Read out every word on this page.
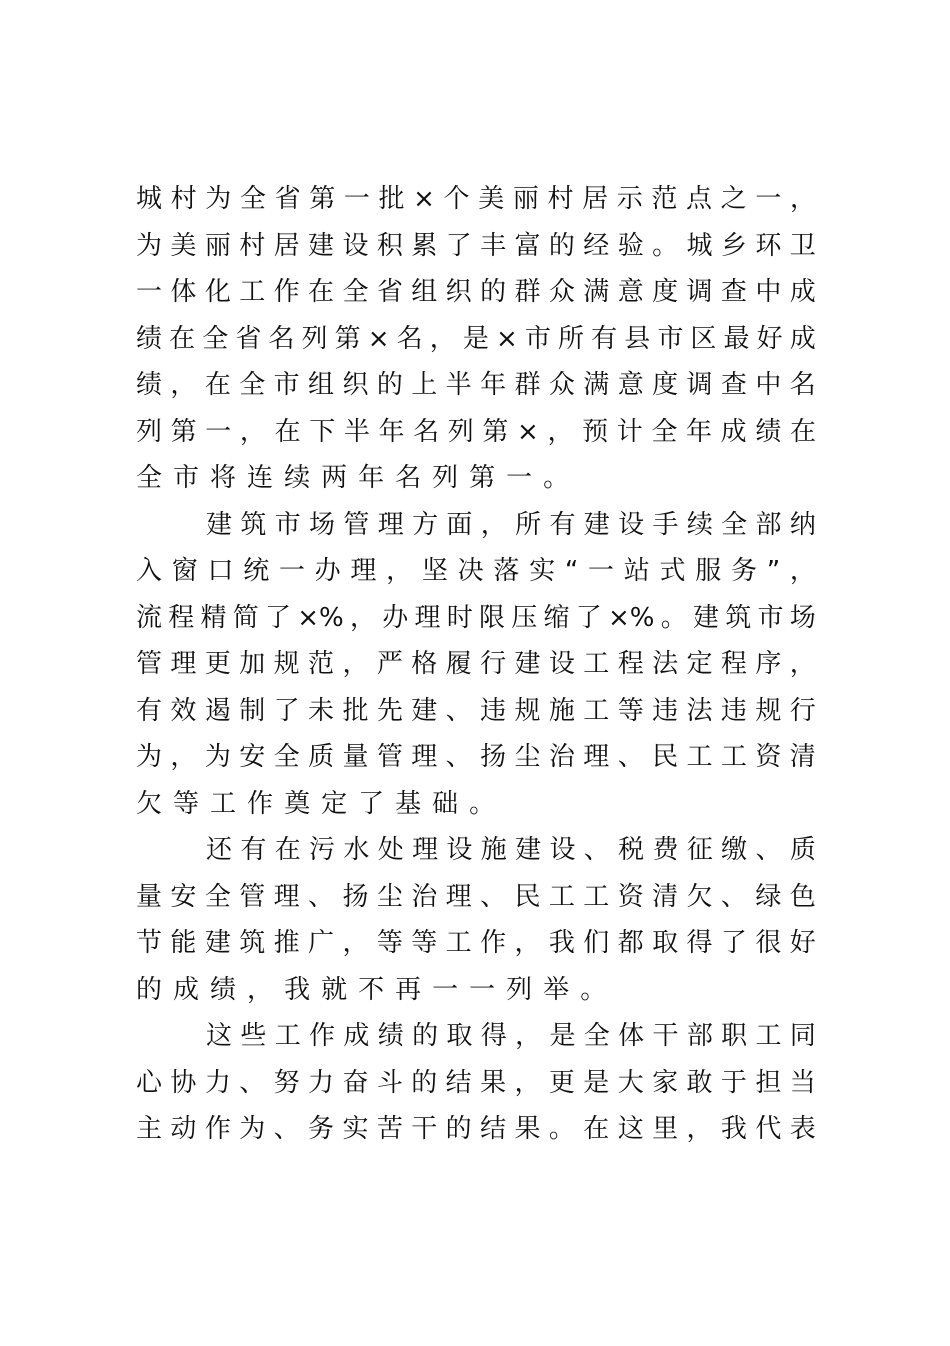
城 村 为 全 省 第 一 批 × 个 美 丽 村 居 示 范 点 之 一 ，
为 美 丽 村 居 建 设 积 累 了 丰 富 的 经 验 。 城 乡 环 卫
一 体 化 工 作 在 全 省 组 织 的 群 众 满 意 度 调 查 中 成
绩 在 全 省 名 列 第 × 名 ， 是 × 市 所 有 县 市 区 最 好 成
绩 ， 在 全 市 组 织 的 上 半 年 群 众 满 意 度 调 查 中 名
列 第 一 ， 在 下 半 年 名 列 第 × ， 预 计 全 年 成 绩 在
全 市 将 连 续 两 年 名 列 第 一 。
建 筑 市 场 管 理 方 面 ， 所 有 建 设 手 续 全 部 纳
入 窗 口 统 一 办 理 ， 坚 决 落 实 “ 一 站 式 服 务 ” ，
流 程 精 简 了 ×% ， 办 理 时 限 压 缩 了 ×% 。 建 筑 市 场
管 理 更 加 规 范 ， 严 格 履 行 建 设 工 程 法 定 程 序 ，
有 效 遏 制 了 未 批 先 建 、 违 规 施 工 等 违 法 违 规 行
为 ， 为 安 全 质 量 管 理 、 扬 尘 治 理 、 民 工 工 资 清
欠 等 工 作 奠 定 了 基 础 。
还 有 在 污 水 处 理 设 施 建 设 、 税 费 征 缴 、 质
量 安 全 管 理 、 扬 尘 治 理 、 民 工 工 资 清 欠 、 绿 色
节 能 建 筑 推 广 ， 等 等 工 作 ， 我 们 都 取 得 了 很 好
的 成 绩 ， 我 就 不 再 一 一 列 举 。
这 些 工 作 成 绩 的 取 得 ， 是 全 体 干 部 职 工 同
心 协 力 、 努 力 奋 斗 的 结 果 ， 更 是 大 家 敢 于 担 当
主 动 作 为 、 务 实 苦 干 的 结 果 。 在 这 里 ， 我 代 表
